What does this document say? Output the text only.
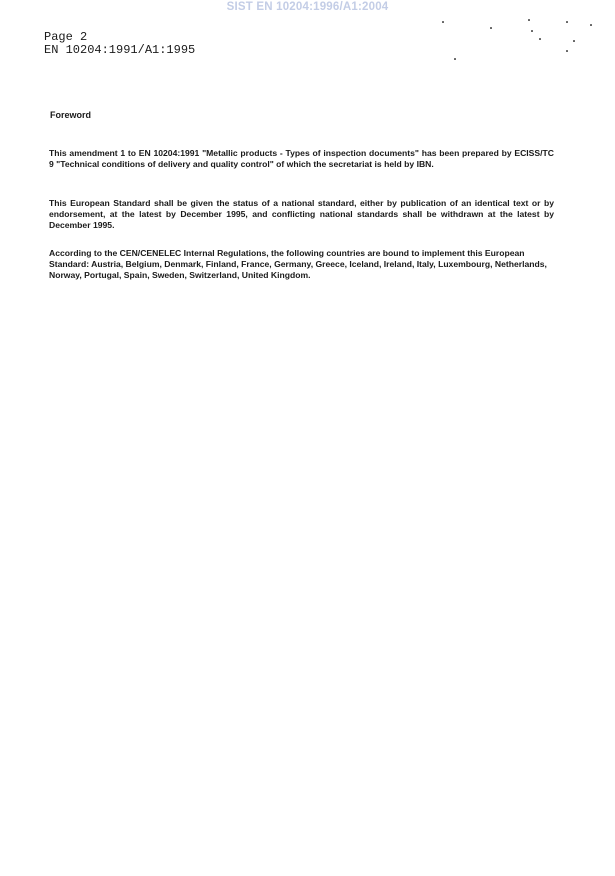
SIST EN 10204:1996/A1:2004
Page 2
EN 10204:1991/A1:1995
Foreword
This amendment 1 to EN 10204:1991 "Metallic products - Types of inspection documents" has been prepared by ECISS/TC 9 "Technical conditions of delivery and quality control" of which the secretariat is held by IBN.
This European Standard shall be given the status of a national standard, either by publication of an identical text or by endorsement, at the latest by December 1995, and conflicting national standards shall be withdrawn at the latest by December 1995.
According to the CEN/CENELEC Internal Regulations, the following countries are bound to implement this European Standard: Austria, Belgium, Denmark, Finland, France, Germany, Greece, Iceland, Ireland, Italy, Luxembourg, Netherlands, Norway, Portugal, Spain, Sweden, Switzerland, United Kingdom.
